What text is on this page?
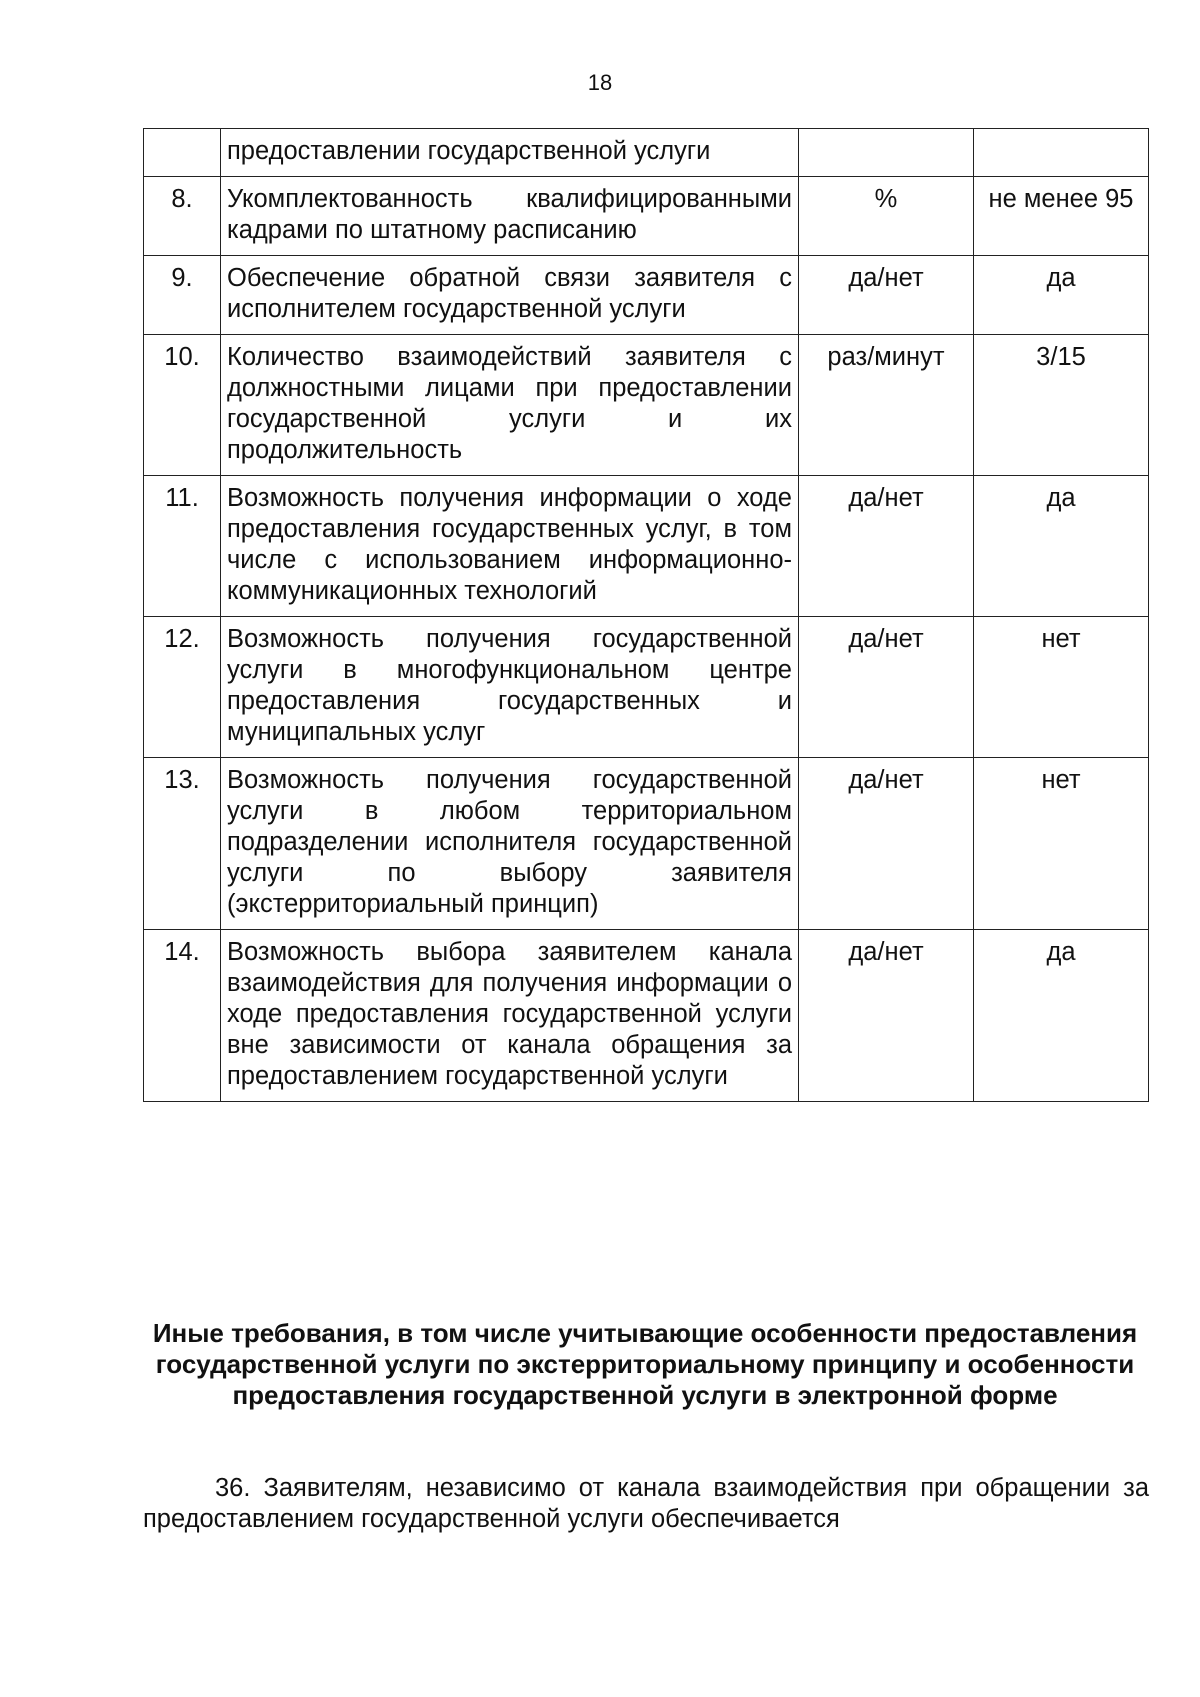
18
	предоставлении государственной услуги		
8.	Укомплектованность квалифицированными кадрами по штатному расписанию	%	не менее 95
9.	Обеспечение обратной связи заявителя с исполнителем государственной услуги	да/нет	да
10.	Количество взаимодействий заявителя с должностными лицами при предоставлении государственной услуги и их продолжительность	раз/минут	3/15
11.	Возможность получения информации о ходе предоставления государственных услуг, в том числе с использованием информационно-коммуникационных технологий	да/нет	да
12.	Возможность получения государственной услуги в многофункциональном центре предоставления государственных и муниципальных услуг	да/нет	нет
13.	Возможность получения государственной услуги в любом территориальном подразделении исполнителя государственной услуги по выбору заявителя (экстерриториальный принцип)	да/нет	нет
14.	Возможность выбора заявителем канала взаимодействия для получения информации о ходе предоставления государственной услуги вне зависимости от канала обращения за предоставлением государственной услуги	да/нет	да
Иные требования, в том числе учитывающие особенности предоставления государственной услуги по экстерриториальному принципу и особенности предоставления государственной услуги в электронной форме
36. Заявителям, независимо от канала взаимодействия при обращении за предоставлением государственной услуги обеспечивается
